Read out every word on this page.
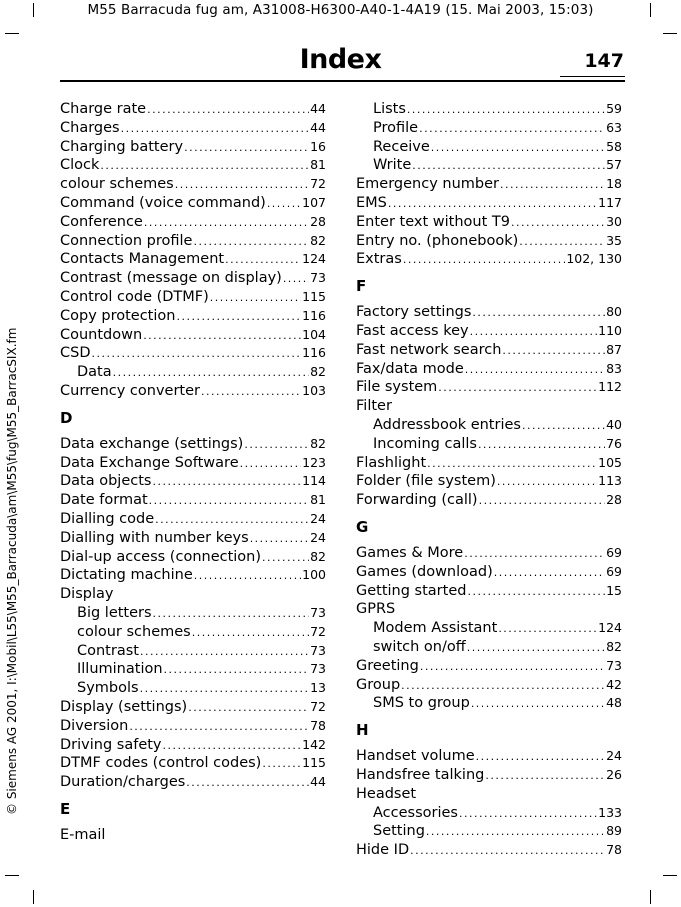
M55 Barracuda fug am, A31008-H6300-A40-1-4A19 (15. Mai 2003, 15:03)
© Siemens AG 2001, I:\Mobil\L55\M55_Barracuda\am\M55\fug\M55_BarracSIX.fm
Index	147
Charge rate .....	44
Charges .....	44
Charging battery .....	16
Clock .....	81
colour schemes .....	72
Command (voice command) .....	107
Conference .....	28
Connection profile .....	82
Contacts Management .....	124
Contrast (message on display) ..... 73
Control code (DTMF) .....	115
Copy protection .....	116
Countdown .....	104
CSD .....	116
Data .....	82
Currency converter .....	103
D
Data exchange (settings) .....	82
Data Exchange Software .....	123
Data objects .....	114
Date format .....	81
Dialling code .....	24
Dialling with number keys .....	24
Dial-up access (connection) .....	82
Dictating machine .....	100
Display
Big letters .....	73
colour schemes .....	72
Contrast .....	73
Illumination .....	73
Symbols .....	13
Display (settings) .....	72
Diversion .....	78
Driving safety .....	142
DTMF codes (control codes) .....	115
Duration/charges .....	44
E
E-mail
Lists .....	59
Profile .....	63
Receive .....	58
Write .....	57
Emergency number .....	18
EMS .....	117
Enter text without T9 .....	30
Entry no. (phonebook) .....	35
Extras .....	102, 130
F
Factory settings .....	80
Fast access key .....	110
Fast network search .....	87
Fax/data mode .....	83
File system .....	112
Filter
Addressbook entries .....	40
Incoming calls .....	76
Flashlight .....	105
Folder (file system) .....	113
Forwarding (call) .....	28
G
Games & More .....	69
Games (download) .....	69
Getting started .....	15
GPRS
Modem Assistant .....	124
switch on/off .....	82
Greeting .....	73
Group .....	42
SMS to group .....	48
H
Handset volume .....	24
Handsfree talking .....	26
Headset
Accessories .....	133
Setting .....	89
Hide ID .....	78
